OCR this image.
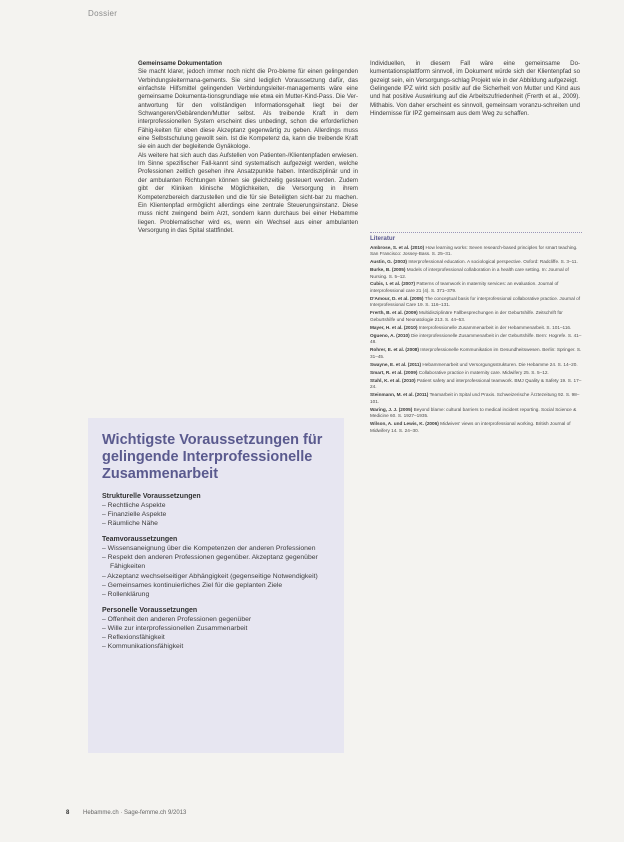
Dossier

Gemeinsame Dokumentation

Sie macht klarer, jedoch immer noch nicht die Pro-bleme für einen gelingenden Verbindungsleitermana-gements. Sie sind lediglich Voraussetzung dafür, das einfachste Hilfsmittel gelingenden Verbindungsleiter-managements wäre eine gemeinsame Dokumenta-tionsgrundlage wie etwa ein Mutter-Kind-Pass. Die Ver-antwortung für den vollständigen Informationsgehalt liegt bei der Schwangeren/Gebärenden/Mutter selbst. Als treibende Kraft in dem interprofessionellen System erscheint dies unbedingt, schon die erforderlichen Fähig-keiten für eben diese Akzeptanz gegenwärtig zu geben. Allerdings muss eine Selbstschulung gewollt sein. Ist die Kompetenz da, kann die treibende Kraft sie ein auch der begleitende Gynäkologe.

Als weitere hat sich auch das Aufstellen von Patienten-/Klientenpfaden erwiesen. Im Sinne spezifischer Fall-kannt sind systematisch aufgezeigt werden, welche Professionen zeitlich gesehen ihre Ansatzpunkte haben. Interdisziplinär und in der ambulanten Richtungen können sie gleichzeitig gesteuert werden. Zudem gibt der Kliniken klinische Möglichkeiten, die Versorgung in ihrem Kompetenzbereich darzustellen und die für sie Beteiligten sicht-bar zu machen. Ein Klientenpfad ermöglicht allerdings eine zentrale Steuerungsinstanz. Diese muss nicht zwingend beim Arzt, sondern kann durchaus bei einer Hebamme liegen. Problematischer wird es, wenn ein Wechsel aus einer ambulanten Versorgung in das Spital stattfindet.

Individuellen, in diesem Fall wäre eine gemeinsame Do-kumentationsplattform sinnvoll, im Dokument würde sich der Klientenpfad so gezeigt sein, ein Versorgungs-schlag Projekt wie in der Abbildung aufgezeigt.

Gelingende IPZ wirkt sich positiv auf die Sicherheit von Mutter und Kind aus und hat positive Auswirkung auf die Arbeitszufriedenheit (Frerth et al., 2009). Mithabis. Von daher erscheint es sinnvoll, gemeinsam voranzu-schreiten und Hindernisse für IPZ gemeinsam aus dem Weg zu schaffen.

Literatur
Ambrose, S. et al. (2010) How learning works: Seven research-based principles for smart teaching. San Francisco: Jossey-Bass. S. 25–31.
Austin, G. (2003) Interprofessional education. A sociological perspective. Oxford: Radcliffe. S. 3–11.
Burke, B. (2005) Models of interprofessional collaboration in a health care setting. In: Journal of Nursing. S. 5–12.
Cubis, I. et al. (2007) Patterns of teamwork in maternity services: an evaluation. Journal of interprofessional care 21 (4). S. 371–379.
D'Amour, D. et al. (2005) The conceptual basis for interprofessional collaborative practice. Journal of Interprofessional Care 19. S. 116–131.
Frerth, B. et al. (2009) Multidisziplinäre Fallbesprechungen in der Geburtshilfe. Zeitschrift für Geburtshilfe und Neonatologie 213. S. 44–53.
Mayer, H. et al. (2010) Interprofessionelle Zusammenarbeit in der Hebammenarbeit. S. 101–116.
Ogueno, A. (2010) Die interprofessionelle Zusammenarbeit in der Geburtshilfe. Bern: Hogrefe. S. 41–48.
Rohrer, E. et al. (2008) Interprofessionelle Kommunikation im Gesundheitswesen. Berlin: Springer. S. 31–45.
Swayne, E. et al. (2011) Hebammenarbeit und Versorgungsstrukturen. Die Hebamme 24. S. 14–20.
Smart, R. et al. (2009) Collaborative practice in maternity care. Midwifery 25. S. 5–12.
Stahl, K. et al. (2010) Patient safety and interprofessional teamwork. BMJ Quality & Safety 19. S. 17–24.
Steinmann, M. et al. (2011) Teamarbeit in Spital und Praxis. Schweizerische Ärztezeitung 92. S. 98–101.
Waring, J. J. (2005) Beyond blame: cultural barriers to medical incident reporting. Social Science & Medicine 60. S. 1927–1935.
Wilson, A. und Lewis, K. (2006) Midwives' views on interprofessional working. British Journal of Midwifery 14. S. 24–30.
Wichtigste Voraussetzungen für gelingende Interprofessionelle Zusammenarbeit
Strukturelle Voraussetzungen
– Rechtliche Aspekte
– Finanzielle Aspekte
– Räumliche Nähe
Teamvoraussetzungen
– Wissensaneignung über die Kompetenzen der anderen Professionen
– Respekt den anderen Professionen gegenüber. Akzeptanz gegenüber Fähigkeiten
– Akzeptanz wechselseitiger Abhängigkeit (gegenseitige Notwendigkeit)
– Gemeinsames kontinuierliches Ziel für die geplanten Ziele
– Rollenklärung
Personelle Voraussetzungen
– Offenheit den anderen Professionen gegenüber
– Wille zur interprofessionellen Zusammenarbeit
– Reflexionsfähigkeit
– Kommunikationsfähigkeit
8 Hebamme.ch · Sage-femme.ch 9/2013
